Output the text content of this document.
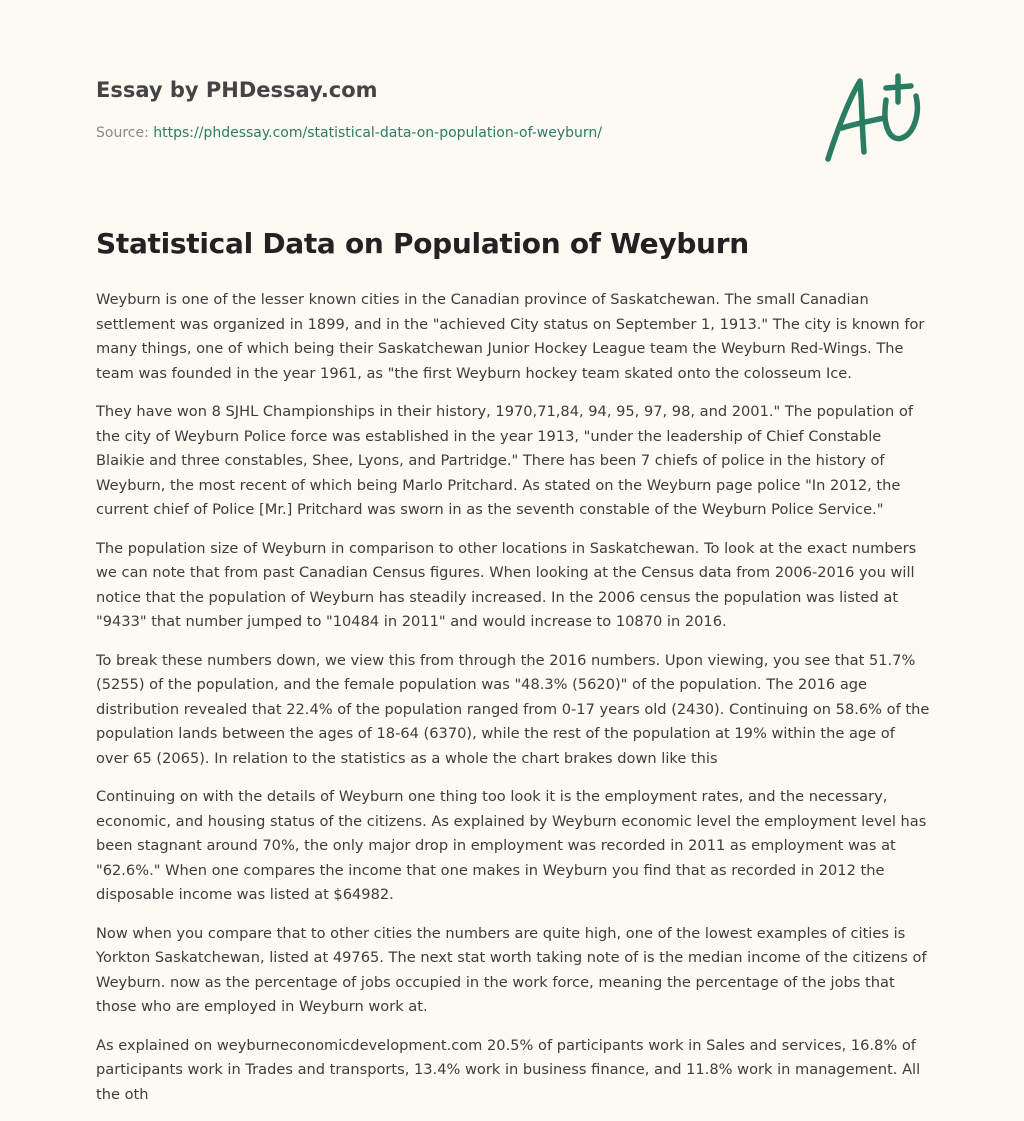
Essay by PHDessay.com
Source: https://phdessay.com/statistical-data-on-population-of-weyburn/
Statistical Data on Population of Weyburn

Weyburn is one of the lesser known cities in the Canadian province of Saskatchewan. The small Canadian settlement was organized in 1899, and in the "achieved City status on September 1, 1913." The city is known for many things, one of which being their Saskatchewan Junior Hockey League team the Weyburn Red-Wings. The team was founded in the year 1961, as "the first Weyburn hockey team skated onto the colosseum Ice.

They have won 8 SJHL Championships in their history, 1970,71,84, 94, 95, 97, 98, and 2001." The population of the city of Weyburn Police force was established in the year 1913, "under the leadership of Chief Constable Blaikie and three constables, Shee, Lyons, and Partridge." There has been 7 chiefs of police in the history of Weyburn, the most recent of which being Marlo Pritchard. As stated on the Weyburn page police "In 2012, the current chief of Police [Mr.] Pritchard was sworn in as the seventh constable of the Weyburn Police Service."

The population size of Weyburn in comparison to other locations in Saskatchewan. To look at the exact numbers we can note that from past Canadian Census figures. When looking at the Census data from 2006-2016 you will notice that the population of Weyburn has steadily increased. In the 2006 census the population was listed at "9433" that number jumped to "10484 in 2011" and would increase to 10870 in 2016.

To break these numbers down, we view this from through the 2016 numbers. Upon viewing, you see that 51.7% (5255) of the population, and the female population was "48.3% (5620)" of the population. The 2016 age distribution revealed that 22.4% of the population ranged from 0-17 years old (2430). Continuing on 58.6% of the population lands between the ages of 18-64 (6370), while the rest of the population at 19% within the age of over 65 (2065). In relation to the statistics as a whole the chart brakes down like this

Continuing on with the details of Weyburn one thing too look it is the employment rates, and the necessary, economic, and housing status of the citizens. As explained by Weyburn economic level the employment level has been stagnant around 70%, the only major drop in employment was recorded in 2011 as employment was at "62.6%." When one compares the income that one makes in Weyburn you find that as recorded in 2012 the disposable income was listed at $64982.

Now when you compare that to other cities the numbers are quite high, one of the lowest examples of cities is Yorkton Saskatchewan, listed at 49765. The next stat worth taking note of is the median income of the citizens of Weyburn. now as the percentage of jobs occupied in the work force, meaning the percentage of the jobs that those who are employed in Weyburn work at.

As explained on weyburneconomicdevelopment.com 20.5% of participants work in Sales and services, 16.8% of participants work in Trades and transports, 13.4% work in business finance, and 11.8% work in management. All the oth
